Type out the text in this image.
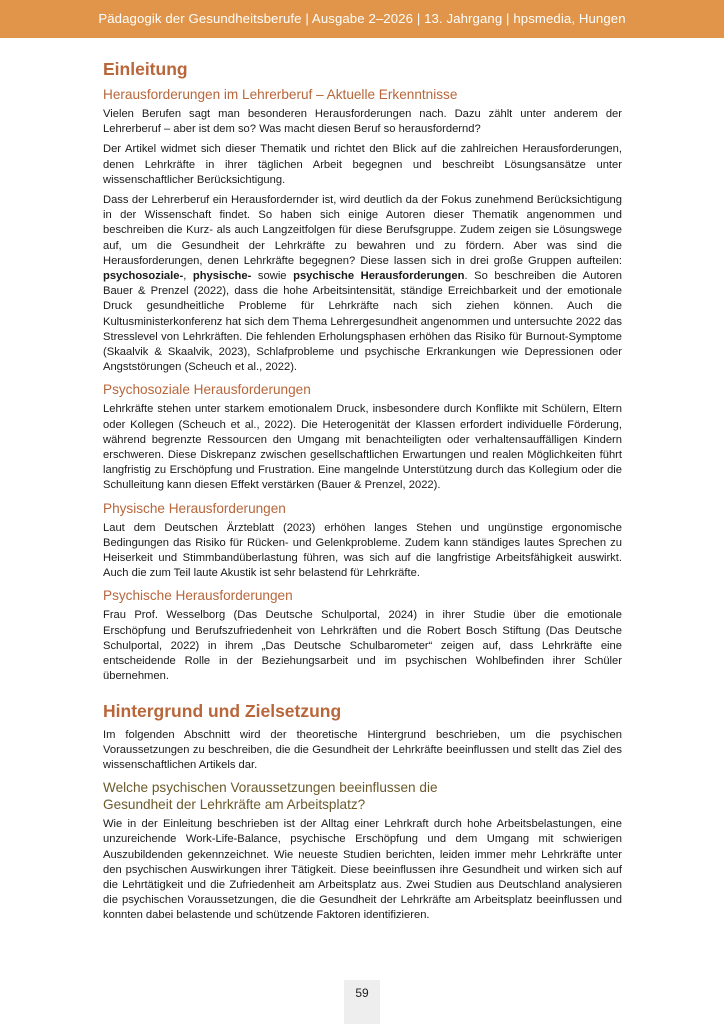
Pädagogik der Gesundheitsberufe | Ausgabe 2–2026 | 13. Jahrgang | hpsmedia, Hungen
Einleitung
Herausforderungen im Lehrerberuf – Aktuelle Erkenntnisse

Vielen Berufen sagt man besonderen Herausforderungen nach. Dazu zählt unter anderem der Lehrerberuf – aber ist dem so? Was macht diesen Beruf so herausfordernd?

Der Artikel widmet sich dieser Thematik und richtet den Blick auf die zahlreichen Herausforderungen, denen Lehrkräfte in ihrer täglichen Arbeit begegnen und beschreibt Lösungsansätze unter wissenschaftlicher Berücksichtigung.

Dass der Lehrerberuf ein Herausfordernder ist, wird deutlich da der Fokus zunehmend Berücksichtigung in der Wissenschaft findet. So haben sich einige Autoren dieser Thematik angenommen und beschreiben die Kurz- als auch Langzeitfolgen für diese Berufsgruppe. Zudem zeigen sie Lösungswege auf, um die Gesundheit der Lehrkräfte zu bewahren und zu fördern. Aber was sind die Herausforderungen, denen Lehrkräfte begegnen? Diese lassen sich in drei große Gruppen aufteilen: psychosoziale-, physische- sowie psychische Herausforderungen. So beschreiben die Autoren Bauer & Prenzel (2022), dass die hohe Arbeitsintensität, ständige Erreichbarkeit und der emotionale Druck gesundheitliche Probleme für Lehrkräfte nach sich ziehen können. Auch die Kultusministerkonferenz hat sich dem Thema Lehrergesundheit angenommen und untersuchte 2022 das Stresslevel von Lehrkräften. Die fehlenden Erholungsphasen erhöhen das Risiko für Burnout-Symptome (Skaalvik & Skaalvik, 2023), Schlafprobleme und psychische Erkrankungen wie Depressionen oder Angststörungen (Scheuch et al., 2022).

Psychosoziale Herausforderungen

Lehrkräfte stehen unter starkem emotionalem Druck, insbesondere durch Konflikte mit Schülern, Eltern oder Kollegen (Scheuch et al., 2022). Die Heterogenität der Klassen erfordert individuelle Förderung, während begrenzte Ressourcen den Umgang mit benachteiligten oder verhaltensauffälligen Kindern erschweren. Diese Diskrepanz zwischen gesellschaftlichen Erwartungen und realen Möglichkeiten führt langfristig zu Erschöpfung und Frustration. Eine mangelnde Unterstützung durch das Kollegium oder die Schulleitung kann diesen Effekt verstärken (Bauer & Prenzel, 2022).

Physische Herausforderungen

Laut dem Deutschen Ärzteblatt (2023) erhöhen langes Stehen und ungünstige ergonomische Bedingungen das Risiko für Rücken- und Gelenkprobleme. Zudem kann ständiges lautes Sprechen zu Heiserkeit und Stimmbandüberlastung führen, was sich auf die langfristige Arbeitsfähigkeit auswirkt. Auch die zum Teil laute Akustik ist sehr belastend für Lehrkräfte.

Psychische Herausforderungen

Frau Prof. Wesselborg (Das Deutsche Schulportal, 2024) in ihrer Studie über die emotionale Erschöpfung und Berufszufriedenheit von Lehrkräften und die Robert Bosch Stiftung (Das Deutsche Schulportal, 2022) in ihrem „Das Deutsche Schulbarometer“ zeigen auf, dass Lehrkräfte eine entscheidende Rolle in der Beziehungsarbeit und im psychischen Wohlbefinden ihrer Schüler übernehmen.

Hintergrund und Zielsetzung

Im folgenden Abschnitt wird der theoretische Hintergrund beschrieben, um die psychischen Voraussetzungen zu beschreiben, die die Gesundheit der Lehrkräfte beeinflussen und stellt das Ziel des wissenschaftlichen Artikels dar.

Welche psychischen Voraussetzungen beeinflussen die
Gesundheit der Lehrkräfte am Arbeitsplatz?

Wie in der Einleitung beschrieben ist der Alltag einer Lehrkraft durch hohe Arbeitsbelastungen, eine unzureichende Work-Life-Balance, psychische Erschöpfung und dem Umgang mit schwierigen Auszubildenden gekennzeichnet. Wie neueste Studien berichten, leiden immer mehr Lehrkräfte unter den psychischen Auswirkungen ihrer Tätigkeit. Diese beeinflussen ihre Gesundheit und wirken sich auf die Lehrtätigkeit und die Zufriedenheit am Arbeitsplatz aus. Zwei Studien aus Deutschland analysieren die psychischen Voraussetzungen, die die Gesundheit der Lehrkräfte am Arbeitsplatz beeinflussen und konnten dabei belastende und schützende Faktoren identifizieren.

59
